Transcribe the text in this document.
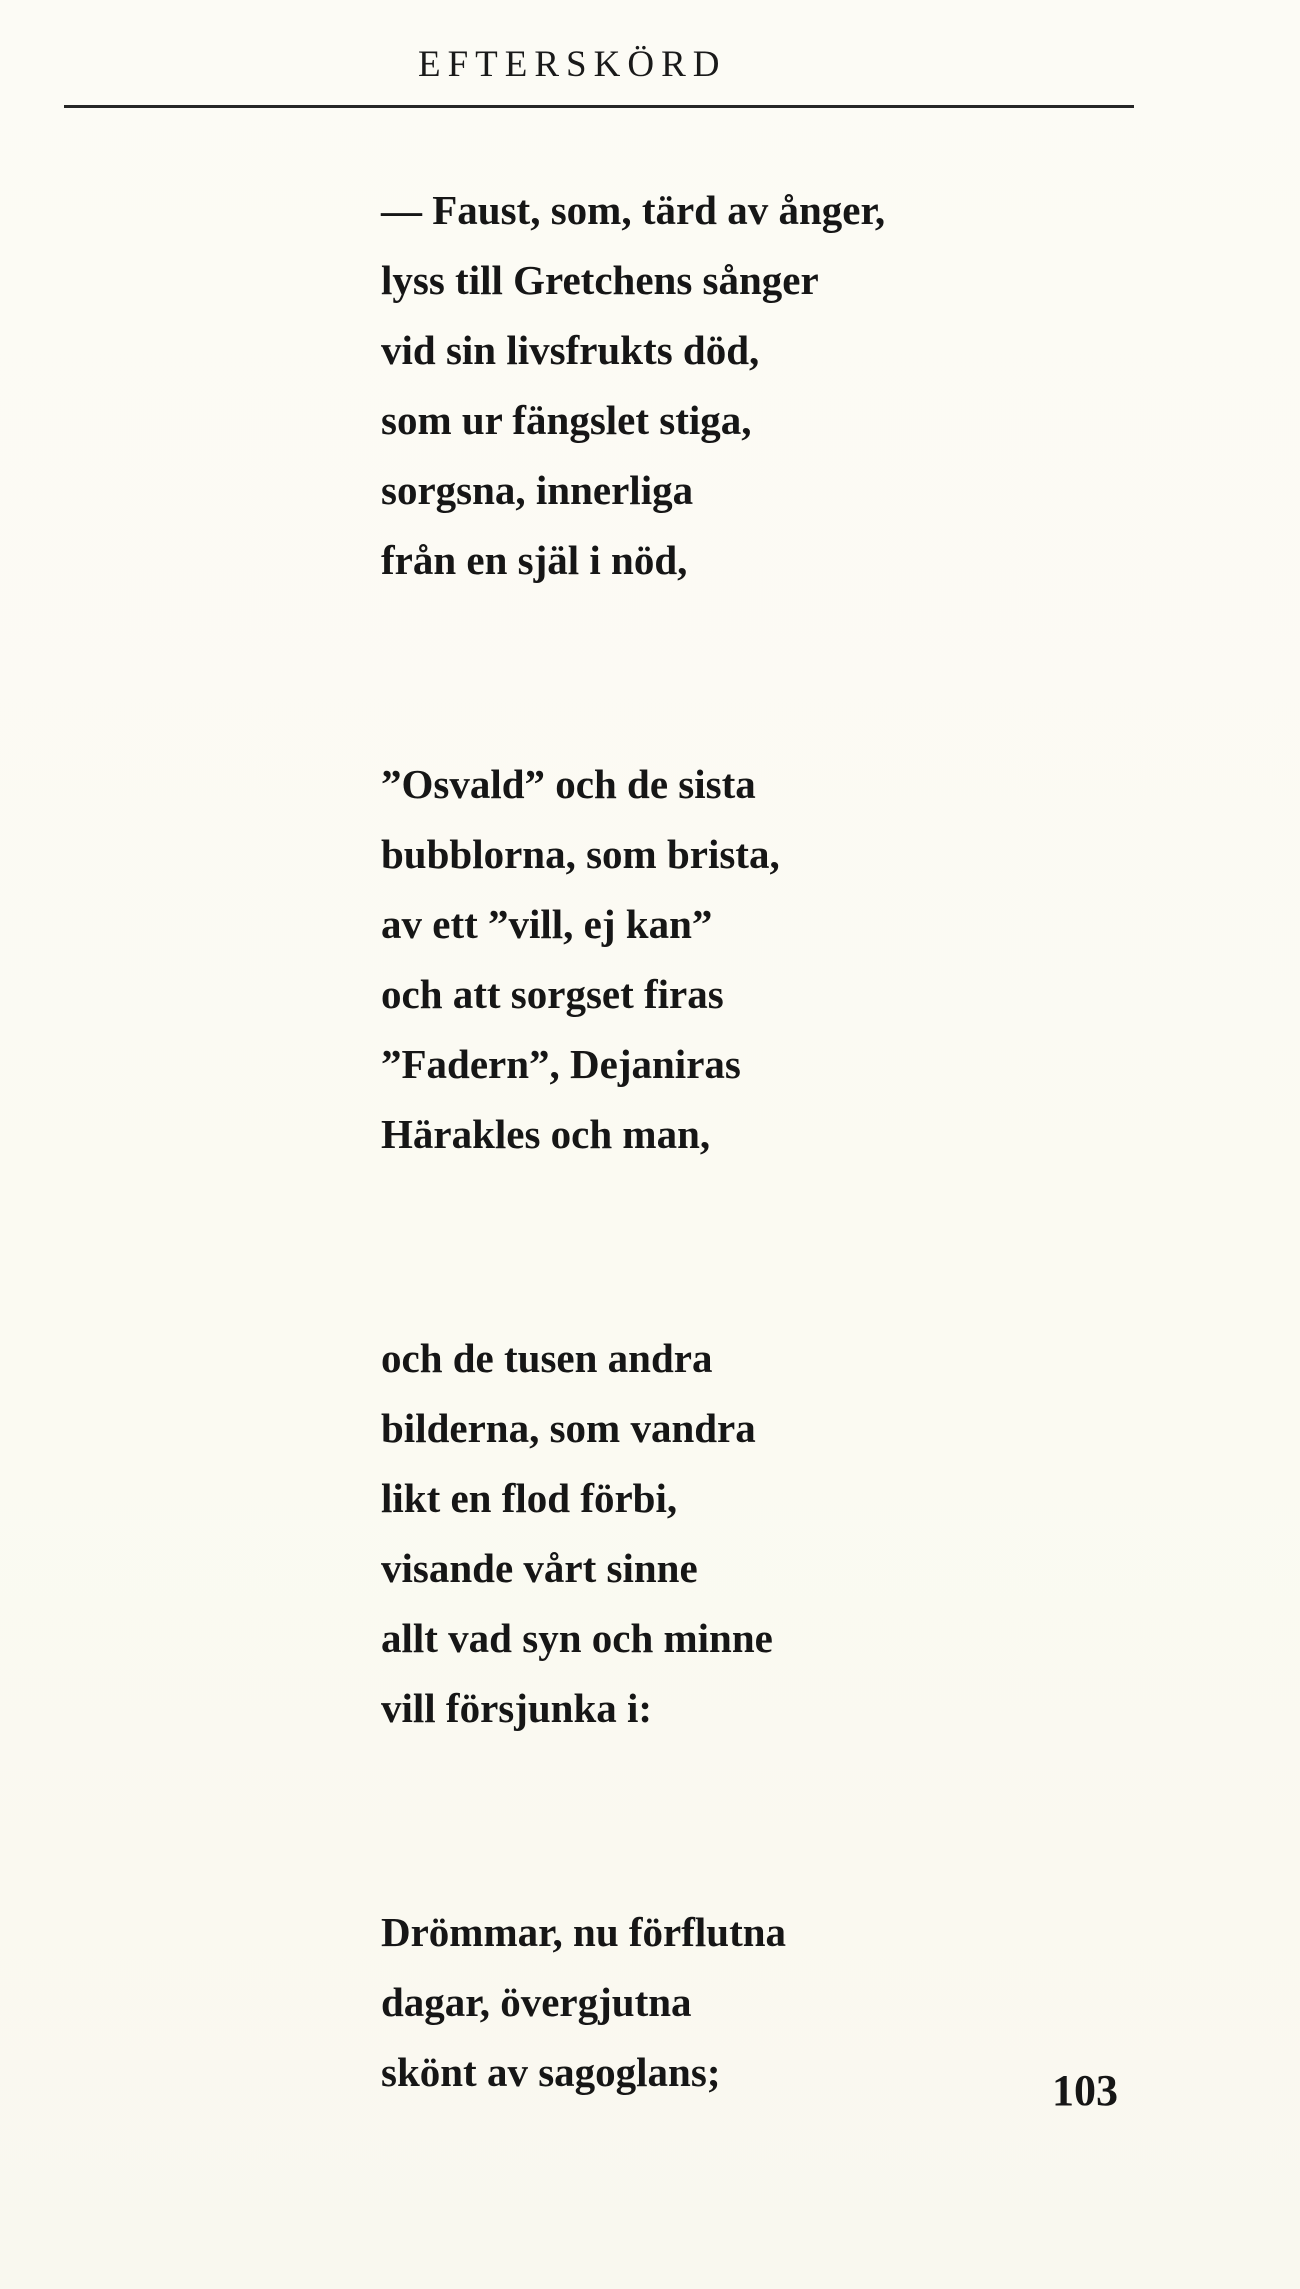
EFTERSKÖRD
— Faust, som, tärd av ånger,
lyss till Gretchens sånger
vid sin livsfrukts död,
som ur fängslet stiga,
sorgsna, innerliga
från en själ i nöd,
”Osvald” och de sista
bubblorna, som brista,
av ett ”vill, ej kan”
och att sorgset firas
”Fadern”, Dejaniras
Härakles och man,
och de tusen andra
bilderna, som vandra
likt en flod förbi,
visande vårt sinne
allt vad syn och minne
vill försjunka i:
Drömmar, nu förflutna
dagar, övergjutna
skönt av sagoglans;	103
